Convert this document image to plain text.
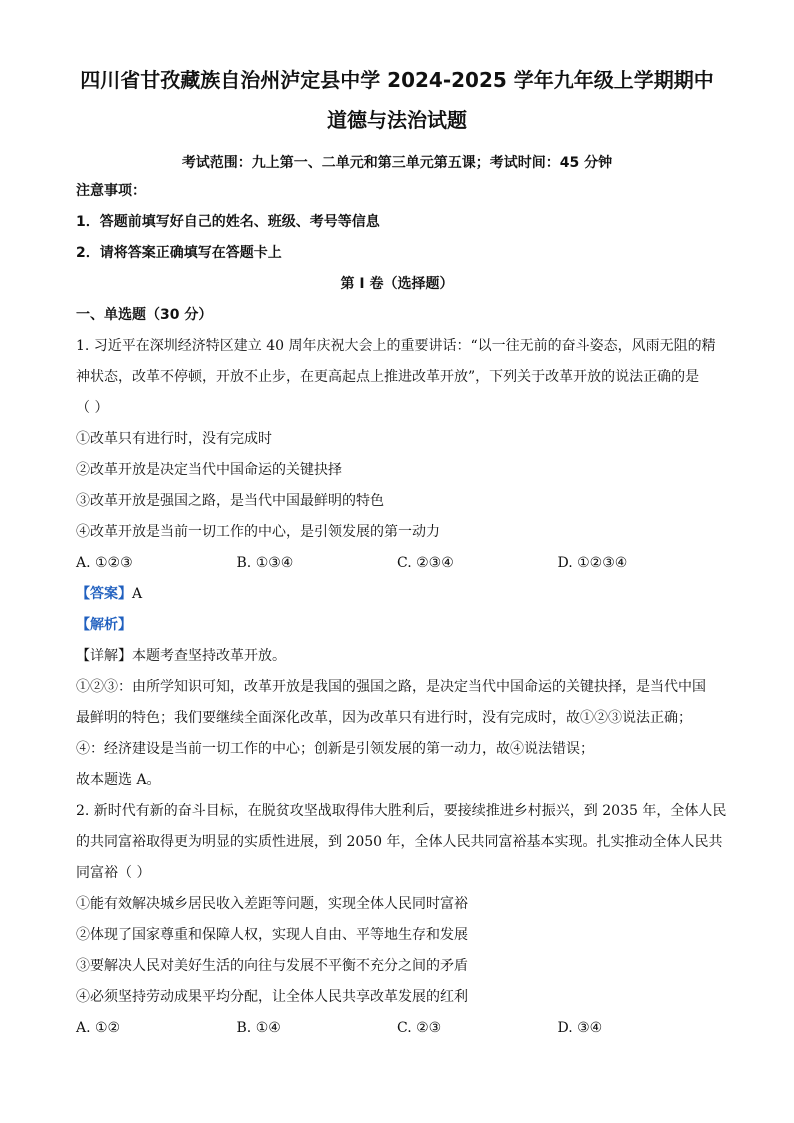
四川省甘孜藏族自治州泸定县中学 2024-2025 学年九年级上学期期中
道德与法治试题
考试范围：九上第一、二单元和第三单元第五课；考试时间：45 分钟
注意事项：
1．答题前填写好自己的姓名、班级、考号等信息
2．请将答案正确填写在答题卡上
第 I 卷（选择题）
一、单选题（30 分）
1. 习近平在深圳经济特区建立 40 周年庆祝大会上的重要讲话：“以一往无前的奋斗姿态，风雨无阻的精
神状态，改革不停顿，开放不止步，在更高起点上推进改革开放”，下列关于改革开放的说法正确的是
（ ）
①改革只有进行时，没有完成时
②改革开放是决定当代中国命运的关键抉择
③改革开放是强国之路，是当代中国最鲜明的特色
④改革开放是当前一切工作的中心，是引领发展的第一动力
A. ①②③	B. ①③④	C. ②③④	D. ①②③④
【答案】A
【解析】
【详解】本题考查坚持改革开放。
①②③：由所学知识可知，改革开放是我国的强国之路，是决定当代中国命运的关键抉择，是当代中国
最鲜明的特色；我们要继续全面深化改革，因为改革只有进行时，没有完成时，故①②③说法正确；
④：经济建设是当前一切工作的中心；创新是引领发展的第一动力，故④说法错误；
故本题选 A。
2. 新时代有新的奋斗目标，在脱贫攻坚战取得伟大胜利后，要接续推进乡村振兴，到 2035 年，全体人民
的共同富裕取得更为明显的实质性进展，到 2050 年，全体人民共同富裕基本实现。扎实推动全体人民共
同富裕（ ）
①能有效解决城乡居民收入差距等问题，实现全体人民同时富裕
②体现了国家尊重和保障人权，实现人自由、平等地生存和发展
③要解决人民对美好生活的向往与发展不平衡不充分之间的矛盾
④必须坚持劳动成果平均分配，让全体人民共享改革发展的红利
A. ①②	B. ①④	C. ②③	D. ③④
